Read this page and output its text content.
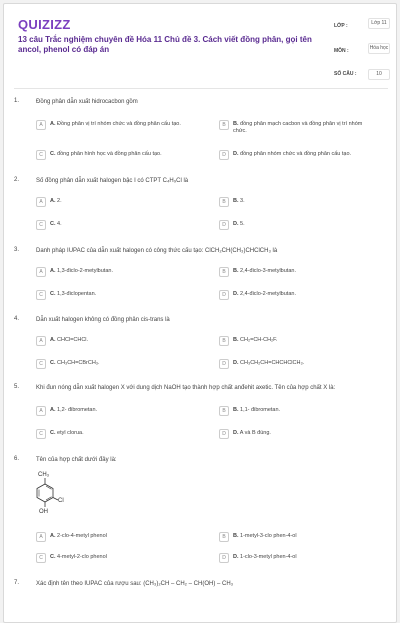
QUIZIZZ
13 câu Trắc nghiệm chuyên đề Hóa 11 Chủ đề 3. Cách viết đồng phân, gọi tên ancol, phenol có đáp án
LỚP :	Lớp 11
MÔN :	Hóa học
SỐ CÂU :	10
1.	Đồng phân dẫn xuất hidrocacbon gồm
A	A. Đồng phân vị trí nhóm chức và đồng phân cấu tạo.	B	B. đồng phân mạch cacbon và đồng phân vị trí nhóm chức.
C	C. đồng phân hình học và đồng phân cấu tạo.	D	D. đồng phân nhóm chức và đồng phân cấu tạo.
2.	Số đồng phân dẫn xuất halogen bậc I có CTPT C₄H₉Cl là
A	A. 2.	B	B. 3.
C	C. 4.	D	D. 5.
3.	Danh pháp IUPAC của dẫn xuất halogen có công thức cấu tạo: ClCH₂CH(CH₃)CHClCH₃ là
A	A. 1,3-điclo-2-metylbutan.	B	B. 2,4-điclo-3-metylbutan.
C	C. 1,3-điclopentan.	D	D. 2,4-điclo-2-metylbutan.
4.	Dẫn xuất halogen không có đồng phân cis-trans là
A	A. CHCl=CHCl.	B	B. CH₂=CH-CH₂F.
C	C. CH₃CH=CBrCH₃.	D	D. CH₃CH₂CH=CHCHClCH₃.
5.	Khi đun nóng dẫn xuất halogen X với dung dịch NaOH tạo thành hợp chất anđehit axetic. Tên của hợp chất X là:
A	A. 1,2- đibrometan.	B	B. 1,1- đibrometan.
C	C. etyl clorua.	D	D. A và B đúng.
6.	Tên của hợp chất dưới đây là:
CH₃
Cl
OH
A	A. 2-clo-4-metyl phenol	B	B. 1-metyl-3-clo phen-4-ol
C	C. 4-metyl-2-clo phenol	D	D. 1-clo-3-metyl phen-4-ol
7.	Xác định tên theo IUPAC của rượu sau: (CH₃)₂CH – CH₂ – CH(OH) – CH₃
